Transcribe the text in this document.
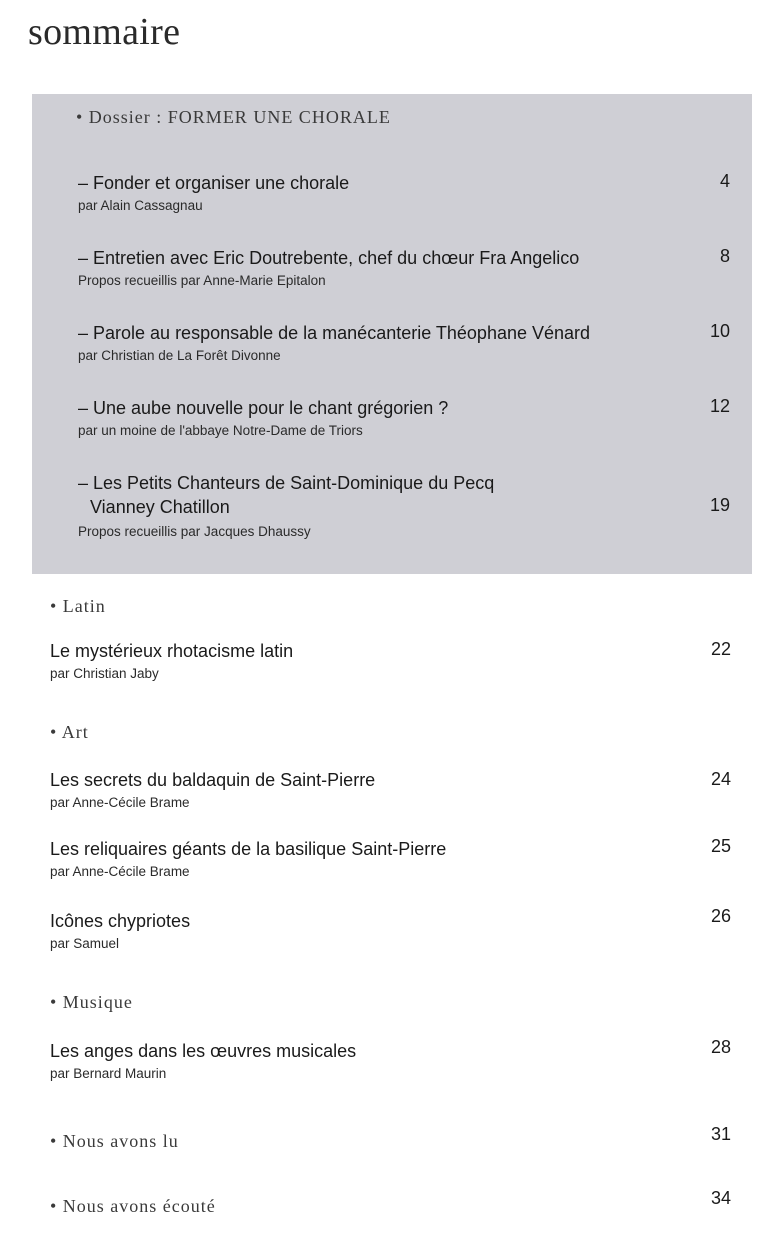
sommaire
• Dossier : FORMER UNE CHORALE
– Fonder et organiser une chorale
par Alain Cassagnau
4
– Entretien avec Eric Doutrebente, chef du chœur Fra Angelico
Propos recueillis par Anne-Marie Epitalon
8
– Parole au responsable de la manécanterie Théophane Vénard
par Christian de La Forêt Divonne
10
– Une aube nouvelle pour le chant grégorien ?
par un moine de l'abbaye Notre-Dame de Triors
12
– Les Petits Chanteurs de Saint-Dominique du Pecq
Vianney Chatillon
Propos recueillis par Jacques Dhaussy
19
• Latin
Le mystérieux rhotacisme latin
par Christian Jaby
22
• Art
Les secrets du baldaquin de Saint-Pierre
par Anne-Cécile Brame
24
Les reliquaires géants de la basilique Saint-Pierre
par Anne-Cécile Brame
25
Icônes chypriotes
par Samuel
26
• Musique
Les anges dans les œuvres musicales
par Bernard Maurin
28
• Nous avons lu	31
• Nous avons écouté	34
